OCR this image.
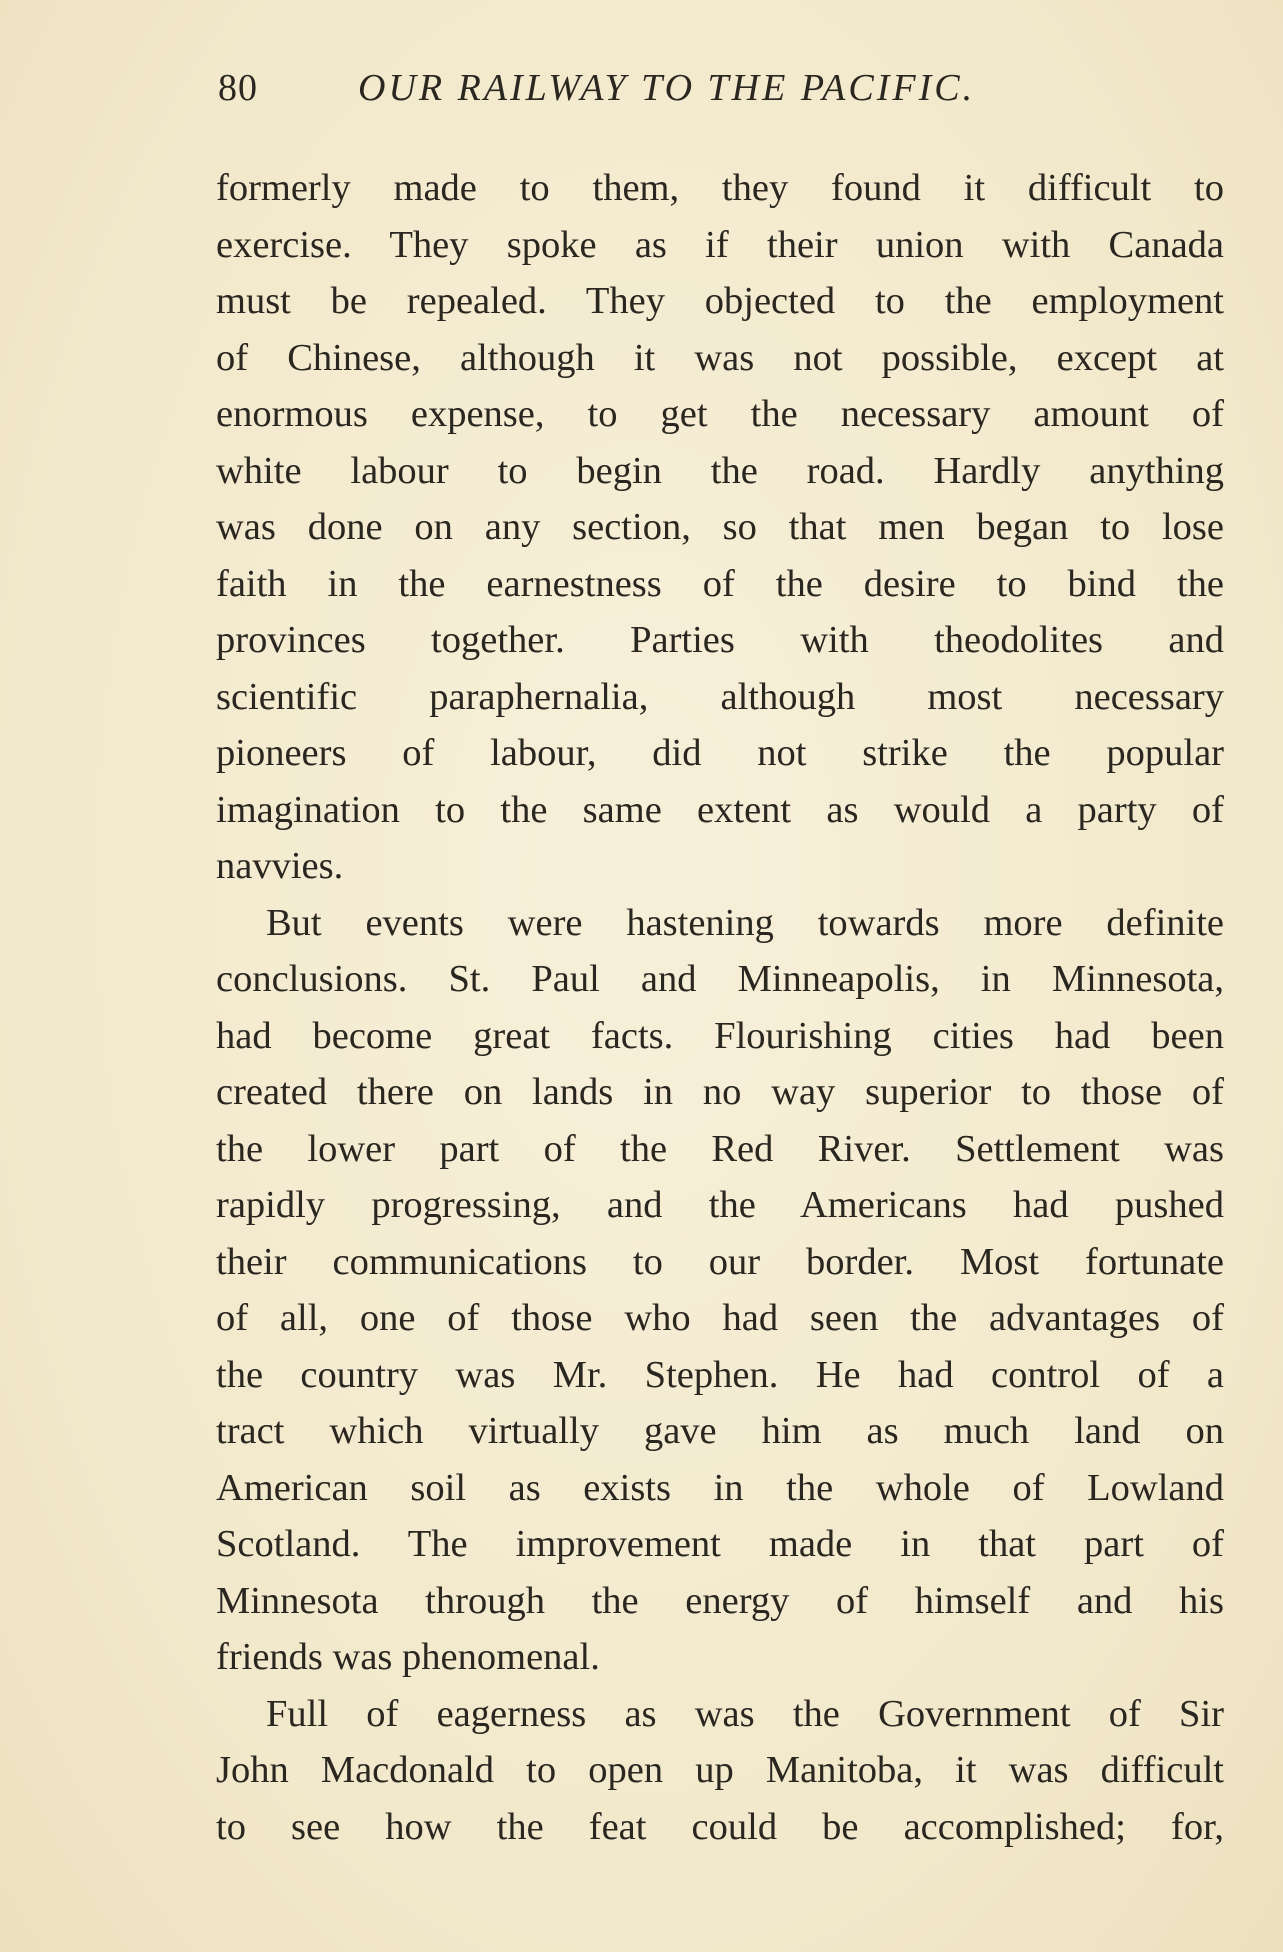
80	OUR RAILWAY TO THE PACIFIC.
formerly made to them, they found it difficult to
exercise. They spoke as if their union with Canada
must be repealed. They objected to the employment
of Chinese, although it was not possible, except at
enormous expense, to get the necessary amount of
white labour to begin the road. Hardly anything
was done on any section, so that men began to lose
faith in the earnestness of the desire to bind the
provinces together. Parties with theodolites and
scientific paraphernalia, although most necessary
pioneers of labour, did not strike the popular
imagination to the same extent as would a party of
navvies.
But events were hastening towards more definite
conclusions. St. Paul and Minneapolis, in Minnesota,
had become great facts. Flourishing cities had been
created there on lands in no way superior to those of
the lower part of the Red River. Settlement was
rapidly progressing, and the Americans had pushed
their communications to our border. Most fortunate
of all, one of those who had seen the advantages of
the country was Mr. Stephen. He had control of a
tract which virtually gave him as much land on
American soil as exists in the whole of Lowland
Scotland. The improvement made in that part of
Minnesota through the energy of himself and his
friends was phenomenal.
Full of eagerness as was the Government of Sir
John Macdonald to open up Manitoba, it was difficult
to see how the feat could be accomplished; for,
